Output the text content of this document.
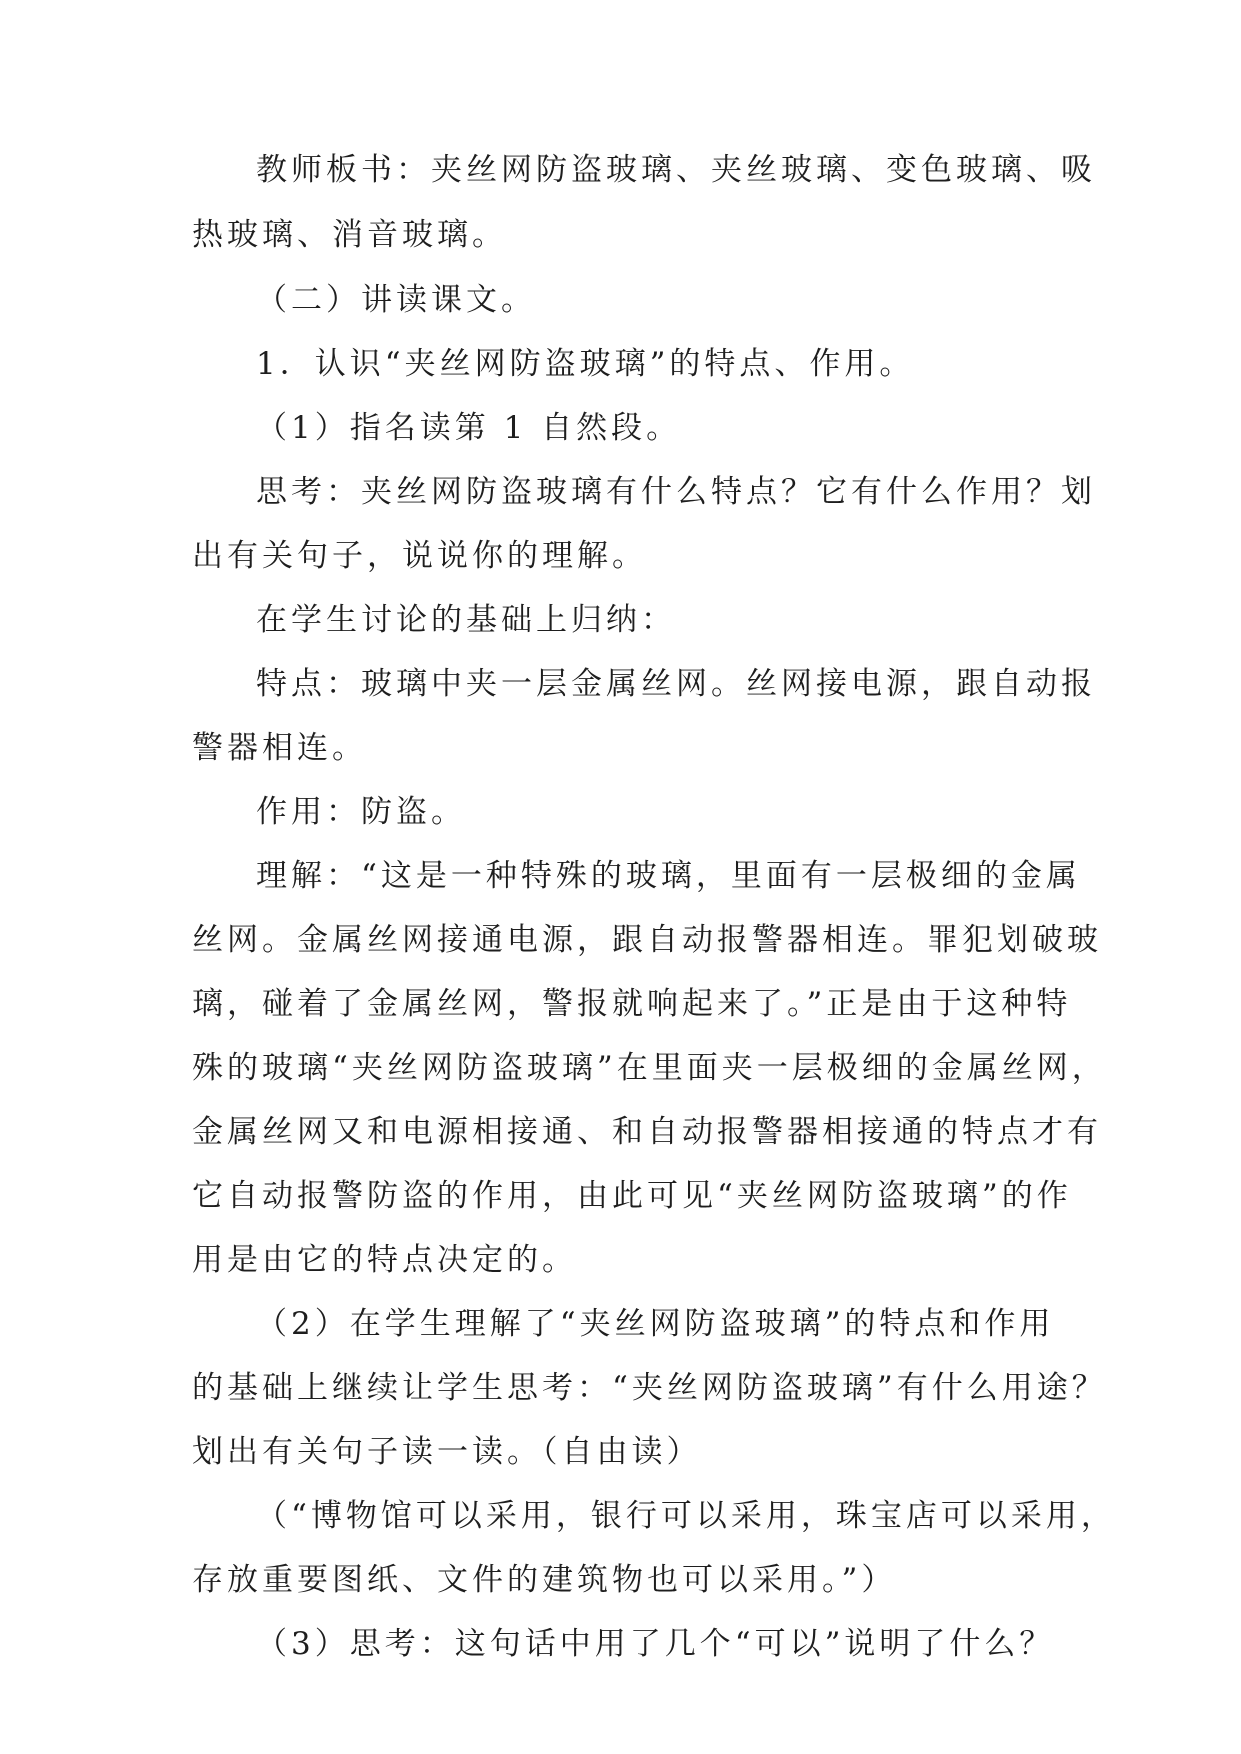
教师板书：夹丝网防盗玻璃、夹丝玻璃、变色玻璃、吸
热玻璃、消音玻璃。
（二）讲读课文。
1．认识“夹丝网防盗玻璃”的特点、作用。
（1）指名读第 1 自然段。
思考：夹丝网防盗玻璃有什么特点？它有什么作用？划
出有关句子，说说你的理解。
在学生讨论的基础上归纳：
特点：玻璃中夹一层金属丝网。丝网接电源，跟自动报
警器相连。
作用：防盗。
理解：“这是一种特殊的玻璃，里面有一层极细的金属
丝网。金属丝网接通电源，跟自动报警器相连。罪犯划破玻
璃，碰着了金属丝网，警报就响起来了。”正是由于这种特
殊的玻璃“夹丝网防盗玻璃”在里面夹一层极细的金属丝网，
金属丝网又和电源相接通、和自动报警器相接通的特点才有
它自动报警防盗的作用，由此可见“夹丝网防盗玻璃”的作
用是由它的特点决定的。
（2）在学生理解了“夹丝网防盗玻璃”的特点和作用
的基础上继续让学生思考：“夹丝网防盗玻璃”有什么用途？
划出有关句子读一读。（自由读）
（“博物馆可以采用，银行可以采用，珠宝店可以采用，
存放重要图纸、文件的建筑物也可以采用。”）
（3）思考：这句话中用了几个“可以”说明了什么？
